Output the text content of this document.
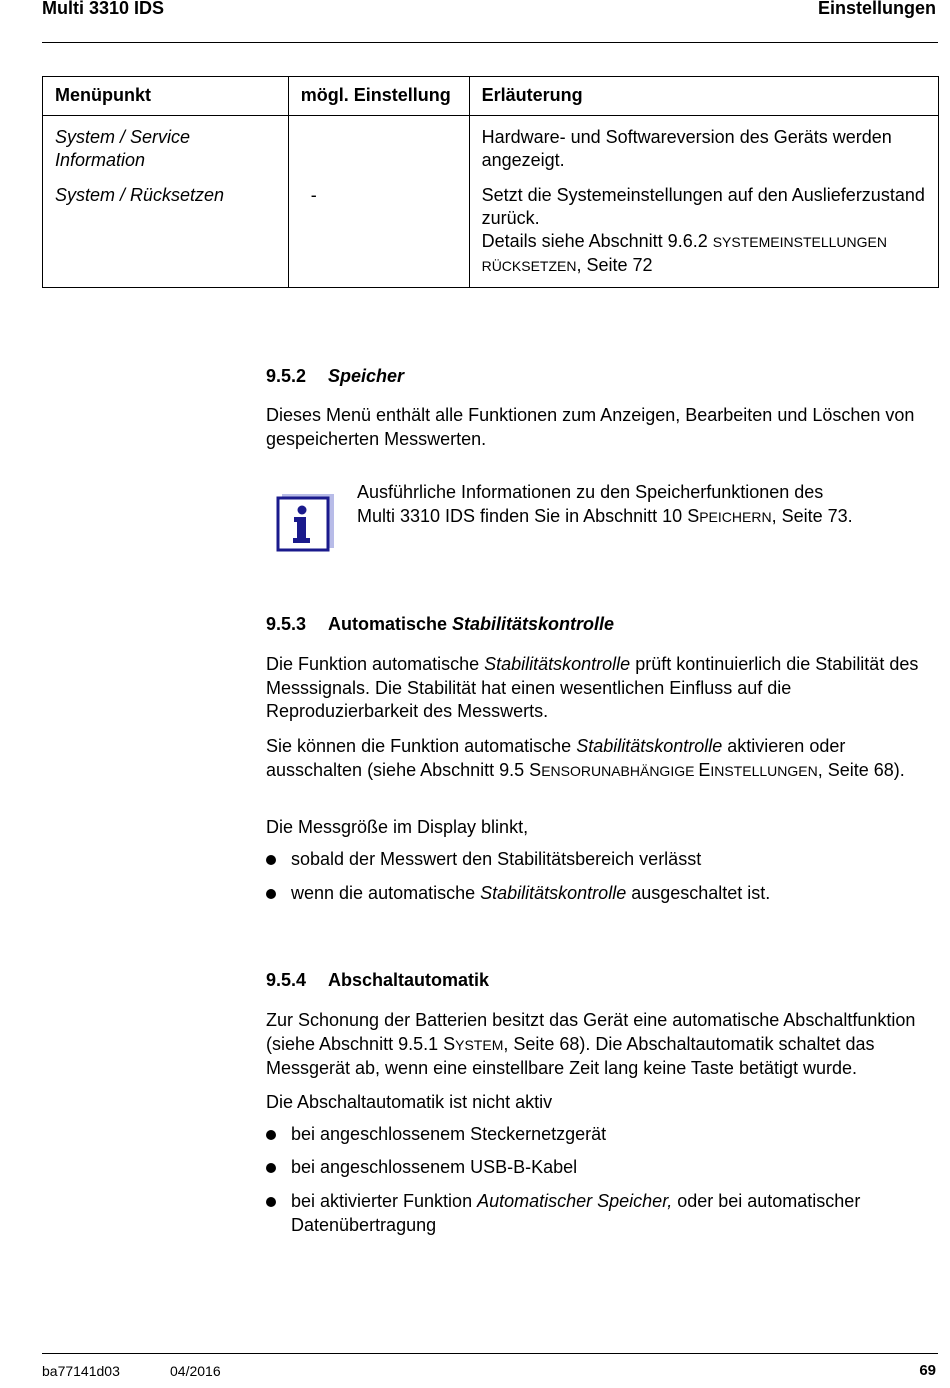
Multi 3310 IDS	Einstellungen
Menüpunkt	mögl. Einstellung	Erläuterung
System / Service Information		Hardware- und Softwareversion des Geräts werden angezeigt.
System / Rücksetzen	-	Setzt die Systemeinstellungen auf den Auslieferzustand zurück.
Details siehe Abschnitt 9.6.2 SYSTEMEINSTELLUNGEN RÜCKSETZEN, Seite 72
9.5.2 Speicher
Dieses Menü enthält alle Funktionen zum Anzeigen, Bearbeiten und Löschen von gespeicherten Messwerten.
Ausführliche Informationen zu den Speicherfunktionen des
Multi 3310 IDS finden Sie in Abschnitt 10 SPEICHERN, Seite 73.
9.5.3 Automatische Stabilitätskontrolle
Die Funktion automatische Stabilitätskontrolle prüft kontinuierlich die Stabilität des Messsignals. Die Stabilität hat einen wesentlichen Einfluss auf die Reproduzierbarkeit des Messwerts.
Sie können die Funktion automatische Stabilitätskontrolle aktivieren oder ausschalten (siehe Abschnitt 9.5 SENSORUNABHÄNGIGE EINSTELLUNGEN, Seite 68).
Die Messgröße im Display blinkt,
sobald der Messwert den Stabilitätsbereich verlässt
wenn die automatische Stabilitätskontrolle ausgeschaltet ist.
9.5.4 Abschaltautomatik
Zur Schonung der Batterien besitzt das Gerät eine automatische Abschaltfunktion (siehe Abschnitt 9.5.1 SYSTEM, Seite 68). Die Abschaltautomatik schaltet das Messgerät ab, wenn eine einstellbare Zeit lang keine Taste betätigt wurde.
Die Abschaltautomatik ist nicht aktiv
bei angeschlossenem Steckernetzgerät
bei angeschlossenem USB-B-Kabel
bei aktivierter Funktion Automatischer Speicher, oder bei automatischer Datenübertragung
ba77141d03	04/2016	69
